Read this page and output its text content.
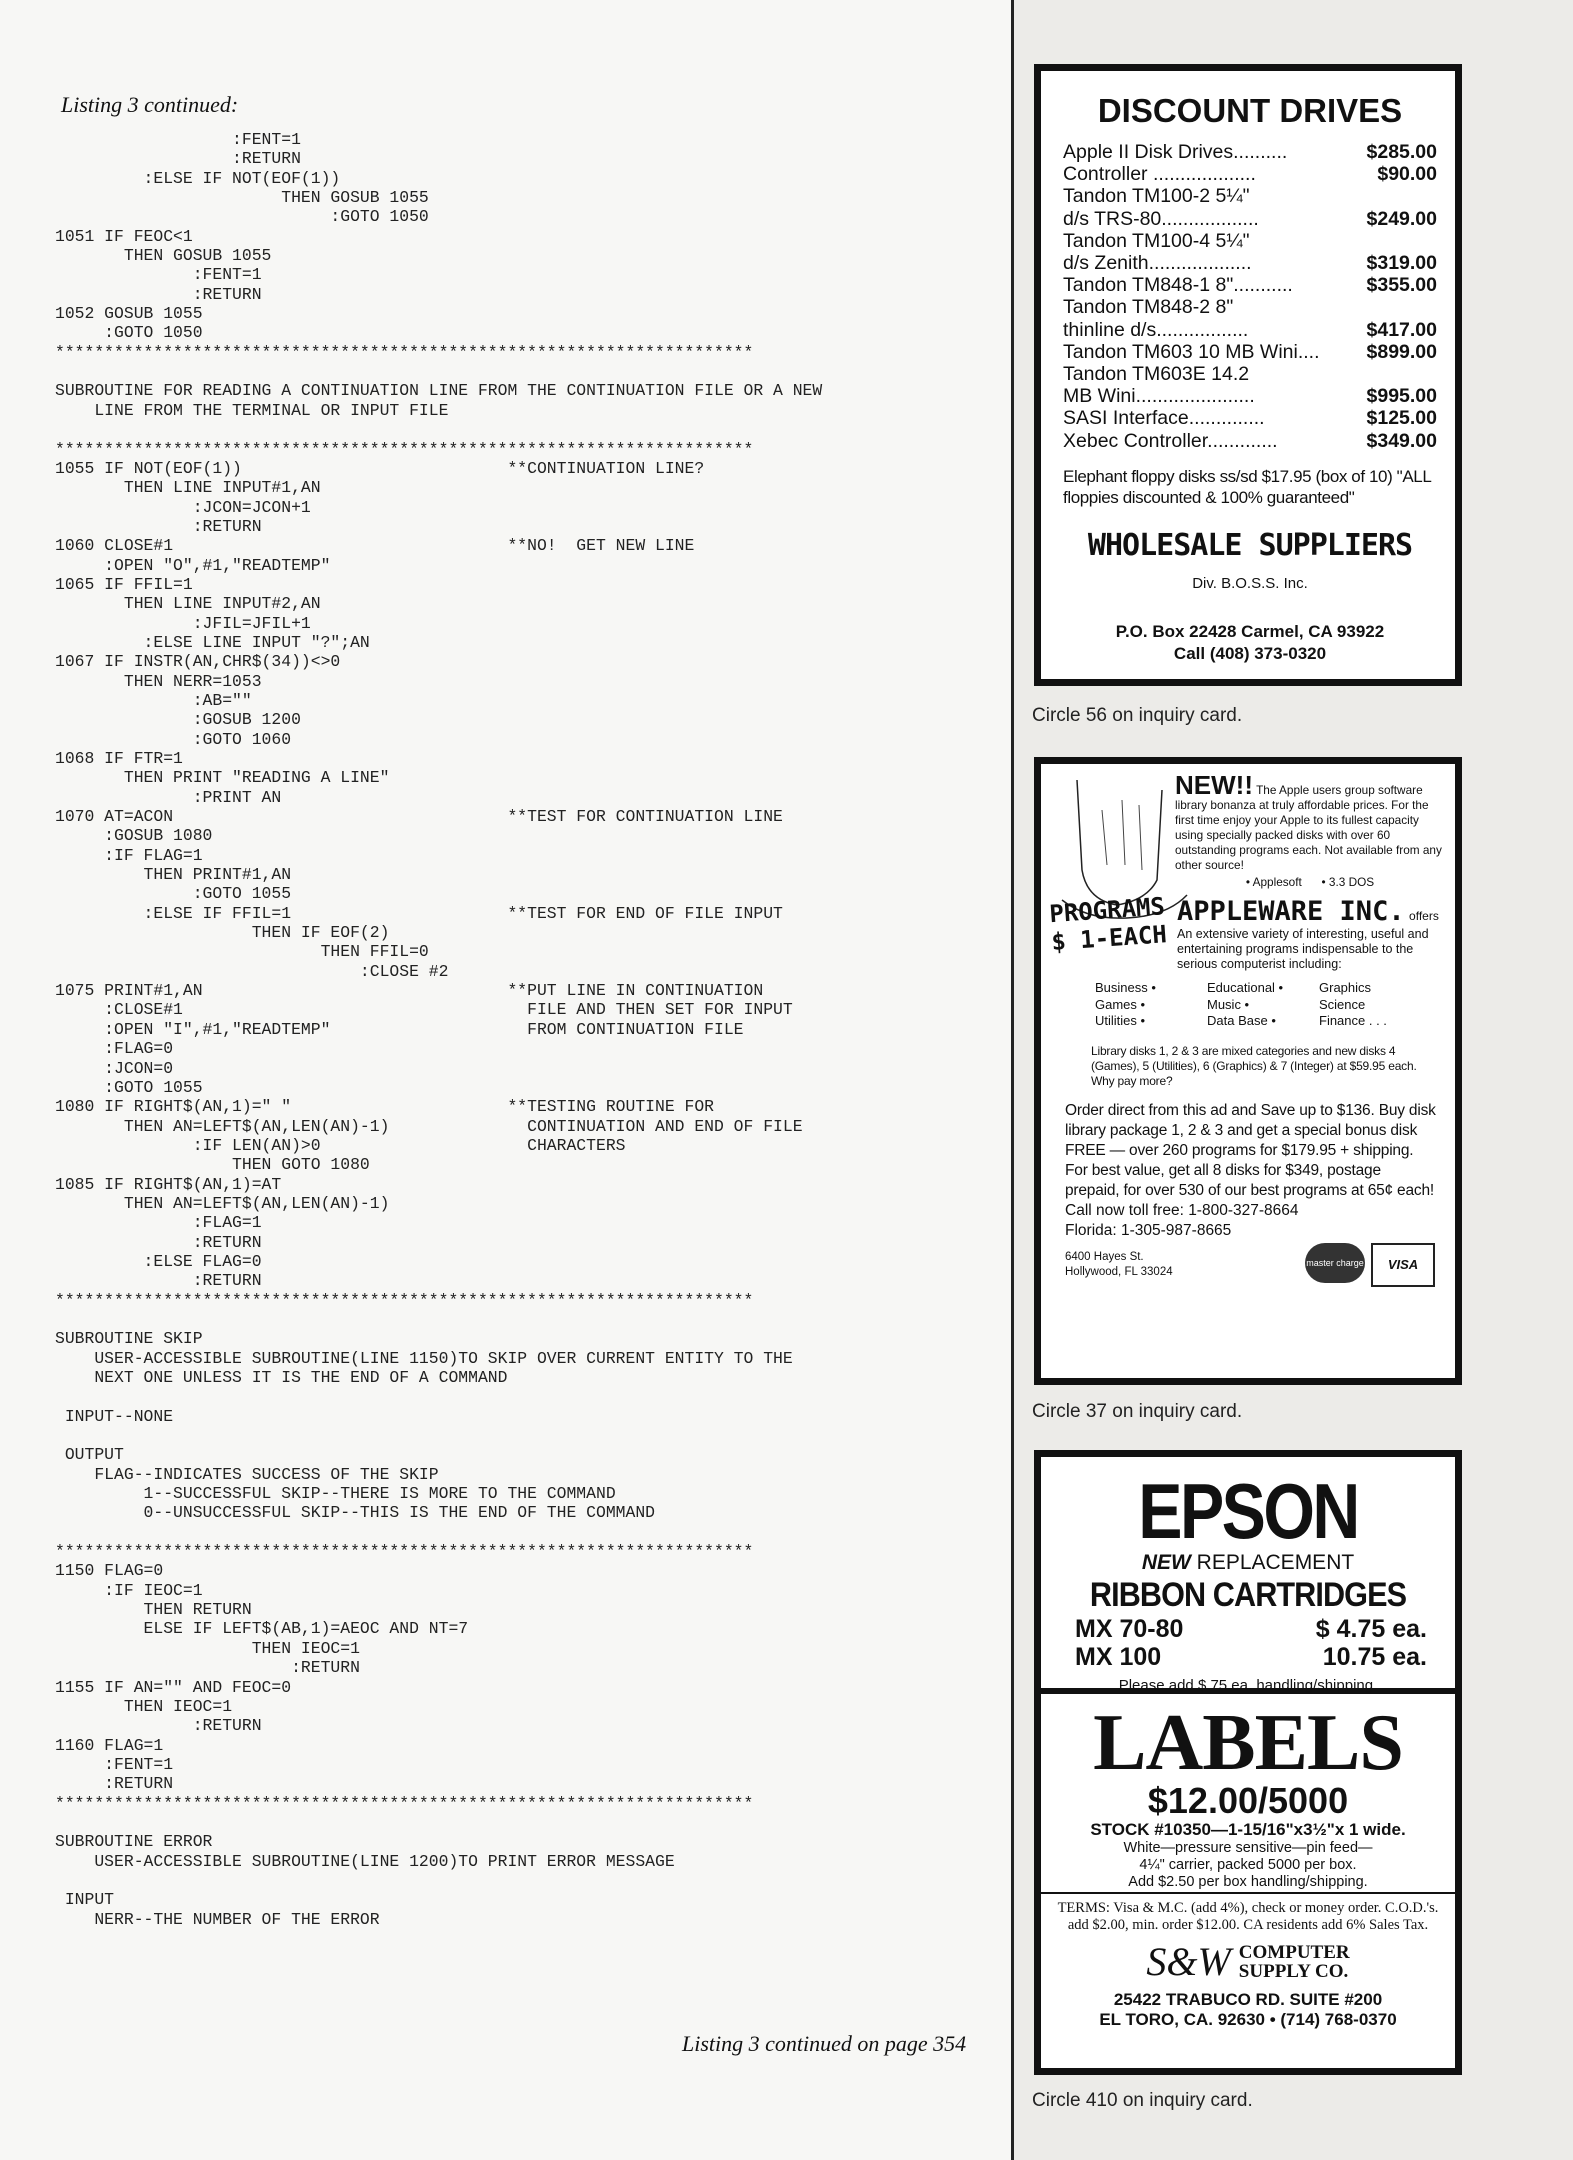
Listing 3 continued:
:FENT=1
:RETURN
:ELSE IF NOT(EOF(1))
THEN GOSUB 1055
:GOTO 1050
1051 IF FEOC<1
THEN GOSUB 1055
:FENT=1
:RETURN
1052 GOSUB 1055
:GOTO 1050
***********************************************************************

SUBROUTINE FOR READING A CONTINUATION LINE FROM THE CONTINUATION FILE OR A NEW
LINE FROM THE TERMINAL OR INPUT FILE

***********************************************************************
1055 IF NOT(EOF(1))                           **CONTINUATION LINE?
THEN LINE INPUT#1,AN
:JCON=JCON+1
:RETURN
1060 CLOSE#1                                  **NO!  GET NEW LINE
:OPEN "O",#1,"READTEMP"
1065 IF FFIL=1
THEN LINE INPUT#2,AN
:JFIL=JFIL+1
:ELSE LINE INPUT "?";AN
1067 IF INSTR(AN,CHR$(34))<>0
THEN NERR=1053
:AB=""
:GOSUB 1200
:GOTO 1060
1068 IF FTR=1
THEN PRINT "READING A LINE"
:PRINT AN
1070 AT=ACON                                  **TEST FOR CONTINUATION LINE
:GOSUB 1080
:IF FLAG=1
THEN PRINT#1,AN
:GOTO 1055
:ELSE IF FFIL=1                      **TEST FOR END OF FILE INPUT
THEN IF EOF(2)
THEN FFIL=0
:CLOSE #2
1075 PRINT#1,AN                               **PUT LINE IN CONTINUATION
:CLOSE#1                                   FILE AND THEN SET FOR INPUT
:OPEN "I",#1,"READTEMP"                    FROM CONTINUATION FILE
:FLAG=0
:JCON=0
:GOTO 1055
1080 IF RIGHT$(AN,1)=" "                      **TESTING ROUTINE FOR
THEN AN=LEFT$(AN,LEN(AN)-1)              CONTINUATION AND END OF FILE
:IF LEN(AN)>0                     CHARACTERS
THEN GOTO 1080
1085 IF RIGHT$(AN,1)=AT
THEN AN=LEFT$(AN,LEN(AN)-1)
:FLAG=1
:RETURN
:ELSE FLAG=0
:RETURN
***********************************************************************

SUBROUTINE SKIP
USER-ACCESSIBLE SUBROUTINE(LINE 1150)TO SKIP OVER CURRENT ENTITY TO THE
NEXT ONE UNLESS IT IS THE END OF A COMMAND

INPUT--NONE

OUTPUT
FLAG--INDICATES SUCCESS OF THE SKIP
1--SUCCESSFUL SKIP--THERE IS MORE TO THE COMMAND
0--UNSUCCESSFUL SKIP--THIS IS THE END OF THE COMMAND

***********************************************************************
1150 FLAG=0
:IF IEOC=1
THEN RETURN
ELSE IF LEFT$(AB,1)=AEOC AND NT=7
THEN IEOC=1
:RETURN
1155 IF AN="" AND FEOC=0
THEN IEOC=1
:RETURN
1160 FLAG=1
:FENT=1
:RETURN
***********************************************************************

SUBROUTINE ERROR
USER-ACCESSIBLE SUBROUTINE(LINE 1200)TO PRINT ERROR MESSAGE

INPUT
NERR--THE NUMBER OF THE ERROR
Listing 3 continued on page 354
DISCOUNT DRIVES
Apple II Disk Drives..........	$285.00
Controller ...................	$90.00
Tandon TM100-2 5¼"
d/s TRS-80..................	$249.00
Tandon TM100-4 5¼"
d/s Zenith...................	$319.00
Tandon TM848-1 8"...........	$355.00
Tandon TM848-2 8"
thinline d/s.................	$417.00
Tandon TM603 10 MB Wini.... $899.00
Tandon TM603E 14.2
MB Wini......................	$995.00
SASI Interface..............	$125.00
Xebec Controller.............	$349.00
Elephant floppy disks ss/sd $17.95 (box of 10) "ALL floppies discounted & 100% guaranteed"
WHOLESALE SUPPLIERS
Div. B.O.S.S. Inc.
P.O. Box 22428 Carmel, CA 93922
Call (408) 373-0320
Circle 56 on inquiry card.
NEW!! The Apple users group software library bonanza at truly affordable prices. For the first time enjoy your Apple to its fullest capacity using specially packed disks with over 60 outstanding programs each. Not available from any other source!
• Applesoft • 3.3 DOS
PROGRAMS $ 1-EACH
APPLEWARE INC. offers
An extensive variety of interesting, useful and entertaining programs indispensable to the serious computerist including:
Business •	Educational •	Graphics
Games •	Music •	Science
Utilities •	Data Base •	Finance . . .
Library disks 1, 2 & 3 are mixed categories and new disks 4 (Games), 5 (Utilities), 6 (Graphics) & 7 (Integer) at $59.95 each. Why pay more?
Order direct from this ad and Save up to $136. Buy disk library package 1, 2 & 3 and get a special bonus disk FREE — over 260 programs for $179.95 + shipping. For best value, get all 8 disks for $349, postage prepaid, for over 530 of our best programs at 65¢ each!
Call now toll free: 1-800-327-8664
Florida: 1-305-987-8665
6400 Hayes St.
Hollywood, FL 33024
master charge	VISA
Circle 37 on inquiry card.
EPSON
NEW REPLACEMENT
RIBBON CARTRIDGES
MX 70-80	$ 4.75 ea.
MX 100	10.75 ea.
Please add $.75 ea. handling/shipping.
LABELS
$12.00/5000
STOCK #10350—1-15/16"x3½"x 1 wide.
White—pressure sensitive—pin feed—
4¼" carrier, packed 5000 per box.
Add $2.50 per box handling/shipping.
TERMS: Visa & M.C. (add 4%), check or money order. C.O.D.'s. add $2.00, min. order $12.00. CA residents add 6% Sales Tax.
S&W COMPUTER
SUPPLY CO.
25422 TRABUCO RD. SUITE #200
EL TORO, CA. 92630 • (714) 768-0370
Circle 410 on inquiry card.
